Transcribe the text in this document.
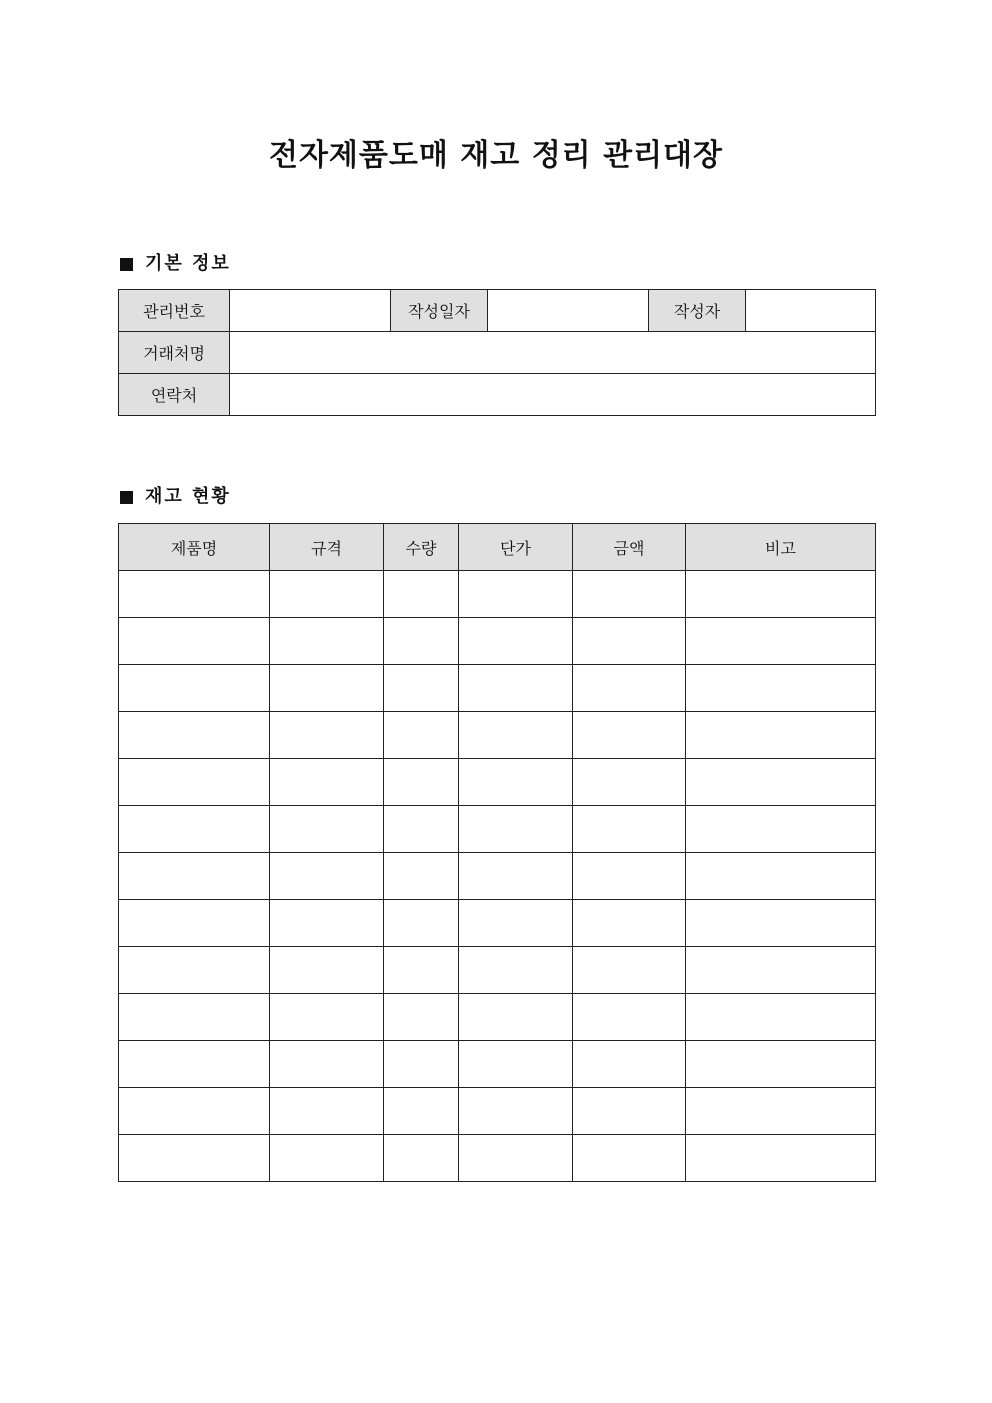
전자제품도매 재고 정리 관리대장
기본 정보
관리번호		작성일자		작성자	
거래처명					
연락처					
재고 현황
제품명	규격	수량	단가	금액	비고
